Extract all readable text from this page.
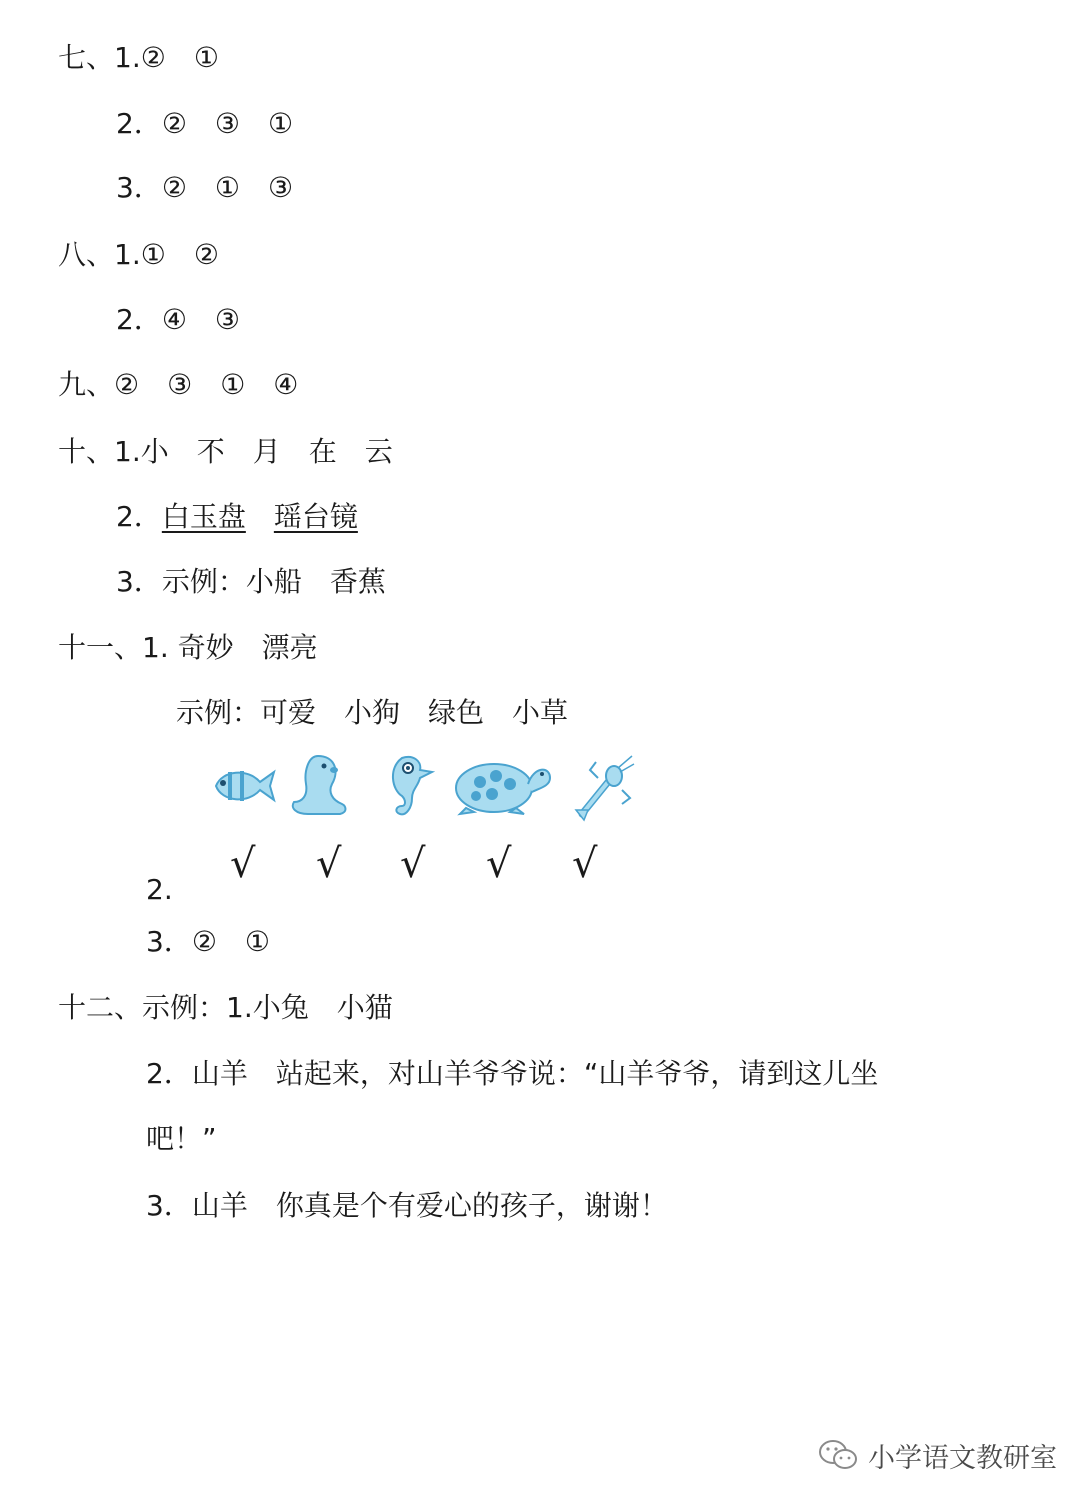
七、1.②　①
2．②　③　①
3．②　①　③
八、1.①　②
2．④　③
九、②　③　①　④
十、1.小　不　月　在　云
2．白玉盘　 瑶台镜
3．示例：小船　香蕉
十一、1. 奇妙　漂亮
示例：可爱　小狗　绿色　小草
√ √ √ √ √
2.
3．②　①
十二、示例：1.小兔　小猫
2．山羊　站起来，对山羊爷爷说：“山羊爷爷，请到这儿坐
吧！”
3．山羊　你真是个有爱心的孩子，谢谢！
小学语文教研室
